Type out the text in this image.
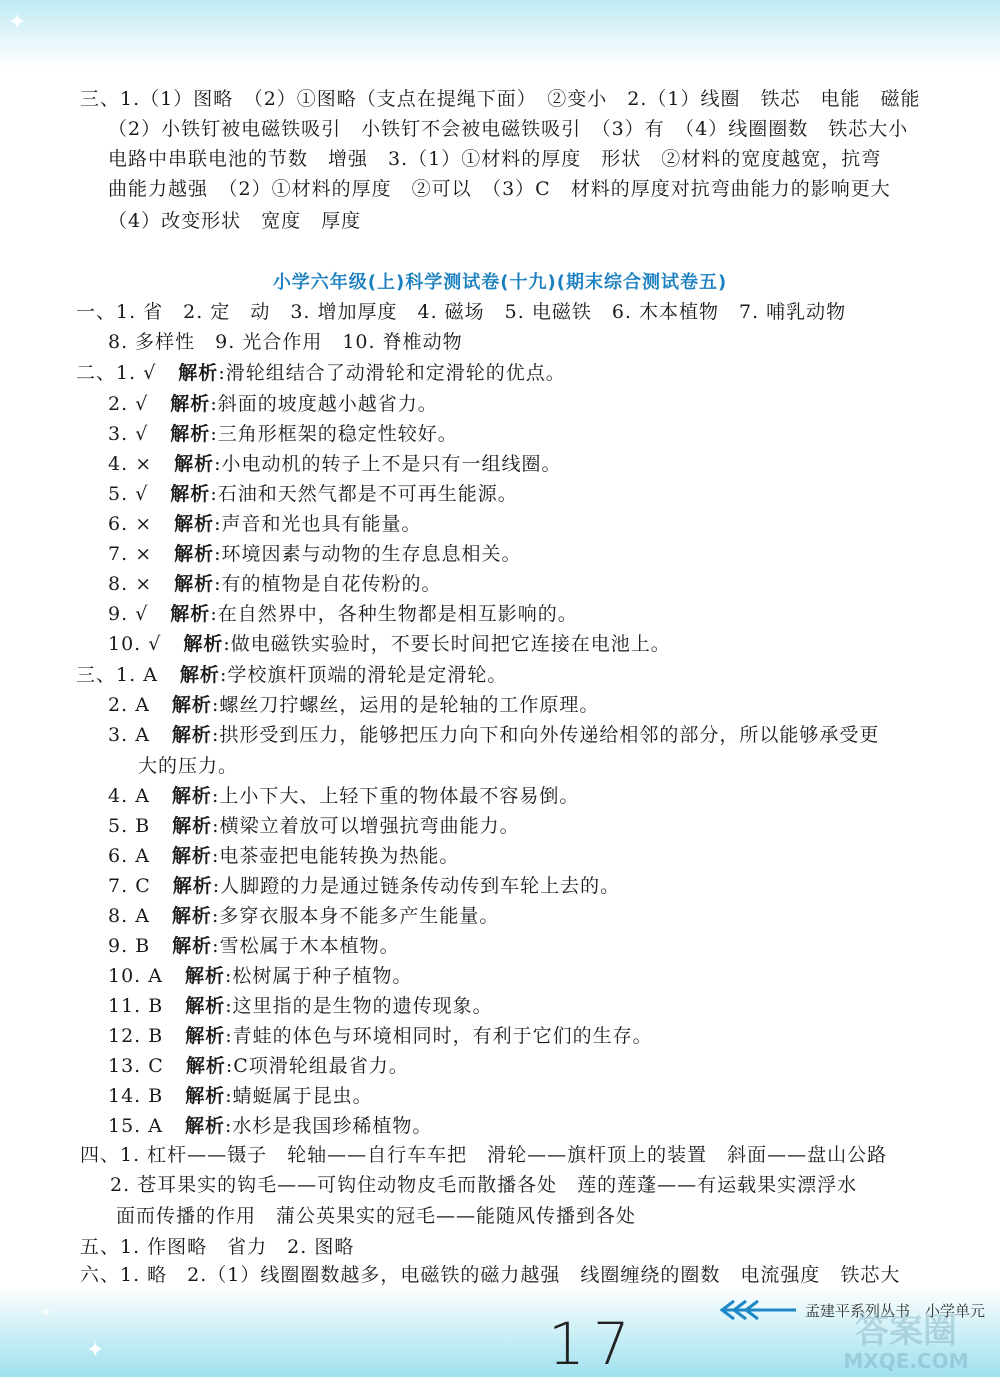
✦
✦
✦
三、1.（1）图略　（2）①图略（支点在提绳下面）　②变小　2.（1）线圈　铁芯　电能　磁能
（2）小铁钉被电磁铁吸引　小铁钉不会被电磁铁吸引　（3）有　（4）线圈圈数　铁芯大小
电路中串联电池的节数　增强　3.（1）①材料的厚度　形状　②材料的宽度越宽，抗弯
曲能力越强　（2）①材料的厚度　②可以　（3）C　材料的厚度对抗弯曲能力的影响更大
（4）改变形状　宽度　厚度
小学六年级(上)科学测试卷(十九)(期末综合测试卷五)
一、1. 省　2. 定　动　3. 增加厚度　4. 磁场　5. 电磁铁　6. 木本植物　7. 哺乳动物
8. 多样性　9. 光合作用　10. 脊椎动物
二、1. √ 解析:滑轮组结合了动滑轮和定滑轮的优点。
2. √ 解析:斜面的坡度越小越省力。
3. √ 解析:三角形框架的稳定性较好。
4. × 解析:小电动机的转子上不是只有一组线圈。
5. √ 解析:石油和天然气都是不可再生能源。
6. × 解析:声音和光也具有能量。
7. × 解析:环境因素与动物的生存息息相关。
8. × 解析:有的植物是自花传粉的。
9. √ 解析:在自然界中，各种生物都是相互影响的。
10. √ 解析:做电磁铁实验时，不要长时间把它连接在电池上。
三、1. A 解析:学校旗杆顶端的滑轮是定滑轮。
2. A 解析:螺丝刀拧螺丝，运用的是轮轴的工作原理。
3. A 解析:拱形受到压力，能够把压力向下和向外传递给相邻的部分，所以能够承受更
大的压力。
4. A 解析:上小下大、上轻下重的物体最不容易倒。
5. B 解析:横梁立着放可以增强抗弯曲能力。
6. A 解析:电茶壶把电能转换为热能。
7. C 解析:人脚蹬的力是通过链条传动传到车轮上去的。
8. A 解析:多穿衣服本身不能多产生能量。
9. B 解析:雪松属于木本植物。
10. A 解析:松树属于种子植物。
11. B 解析:这里指的是生物的遗传现象。
12. B 解析:青蛙的体色与环境相同时，有利于它们的生存。
13. C 解析:C项滑轮组最省力。
14. B 解析:蜻蜓属于昆虫。
15. A 解析:水杉是我国珍稀植物。
四、1. 杠杆——镊子　轮轴——自行车车把　滑轮——旗杆顶上的装置　斜面——盘山公路
2. 苍耳果实的钩毛——可钩住动物皮毛而散播各处　莲的莲蓬——有运载果实漂浮水
面而传播的作用　蒲公英果实的冠毛——能随风传播到各处
五、1. 作图略　省力　2. 图略
六、1. 略　2.（1）线圈圈数越多，电磁铁的磁力越强　线圈缠绕的圈数　电流强度　铁芯大
孟建平系列丛书　小学单元
17	答案圈
MXQE.COM
